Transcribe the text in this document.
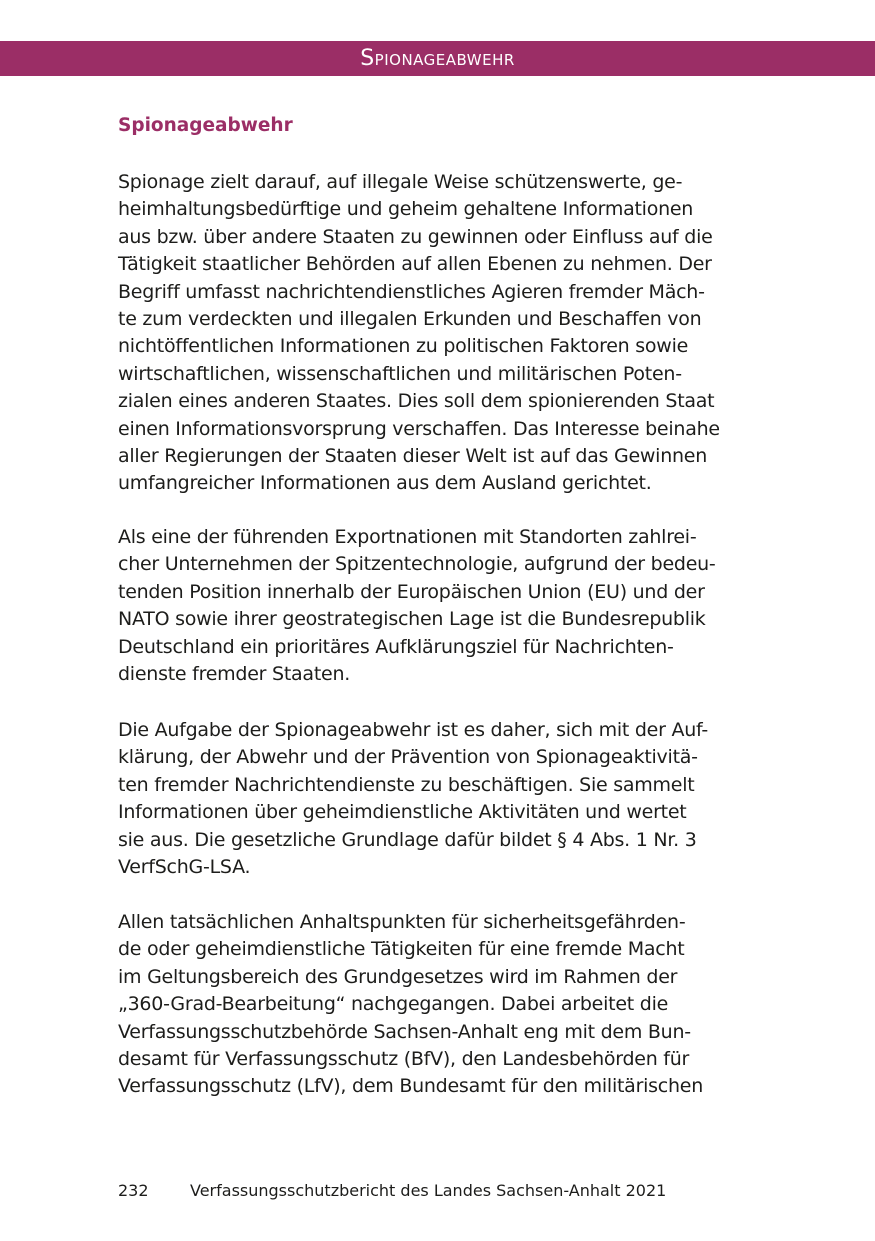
Spionageabwehr
Spionageabwehr
Spionage zielt darauf, auf illegale Weise schützenswerte, ge-
heimhaltungsbedürftige und geheim gehaltene Informationen
aus bzw. über andere Staaten zu gewinnen oder Einfluss auf die
Tätigkeit staatlicher Behörden auf allen Ebenen zu nehmen. Der
Begriff umfasst nachrichtendienstliches Agieren fremder Mäch-
te zum verdeckten und illegalen Erkunden und Beschaffen von
nichtöffentlichen Informationen zu politischen Faktoren sowie
wirtschaftlichen, wissenschaftlichen und militärischen Poten-
zialen eines anderen Staates. Dies soll dem spionierenden Staat
einen Informationsvorsprung verschaffen. Das Interesse beinahe
aller Regierungen der Staaten dieser Welt ist auf das Gewinnen
umfangreicher Informationen aus dem Ausland gerichtet.
Als eine der führenden Exportnationen mit Standorten zahlrei-
cher Unternehmen der Spitzentechnologie, aufgrund der bedeu-
tenden Position innerhalb der Europäischen Union (EU) und der
NATO sowie ihrer geostrategischen Lage ist die Bundesrepublik
Deutschland ein prioritäres Aufklärungsziel für Nachrichten-
dienste fremder Staaten.
Die Aufgabe der Spionageabwehr ist es daher, sich mit der Auf-
klärung, der Abwehr und der Prävention von Spionageaktivitä-
ten fremder Nachrichtendienste zu beschäftigen. Sie sammelt
Informationen über geheimdienstliche Aktivitäten und wertet
sie aus. Die gesetzliche Grundlage dafür bildet § 4 Abs. 1 Nr. 3
VerfSchG-LSA.
Allen tatsächlichen Anhaltspunkten für sicherheitsgefährden-
de oder geheimdienstliche Tätigkeiten für eine fremde Macht
im Geltungsbereich des Grundgesetzes wird im Rahmen der
„360-Grad-Bearbeitung“ nachgegangen. Dabei arbeitet die
Verfassungsschutzbehörde Sachsen-Anhalt eng mit dem Bun-
desamt für Verfassungsschutz (BfV), den Landesbehörden für
Verfassungsschutz (LfV), dem Bundesamt für den militärischen
232	Verfassungsschutzbericht des Landes Sachsen-Anhalt 2021
